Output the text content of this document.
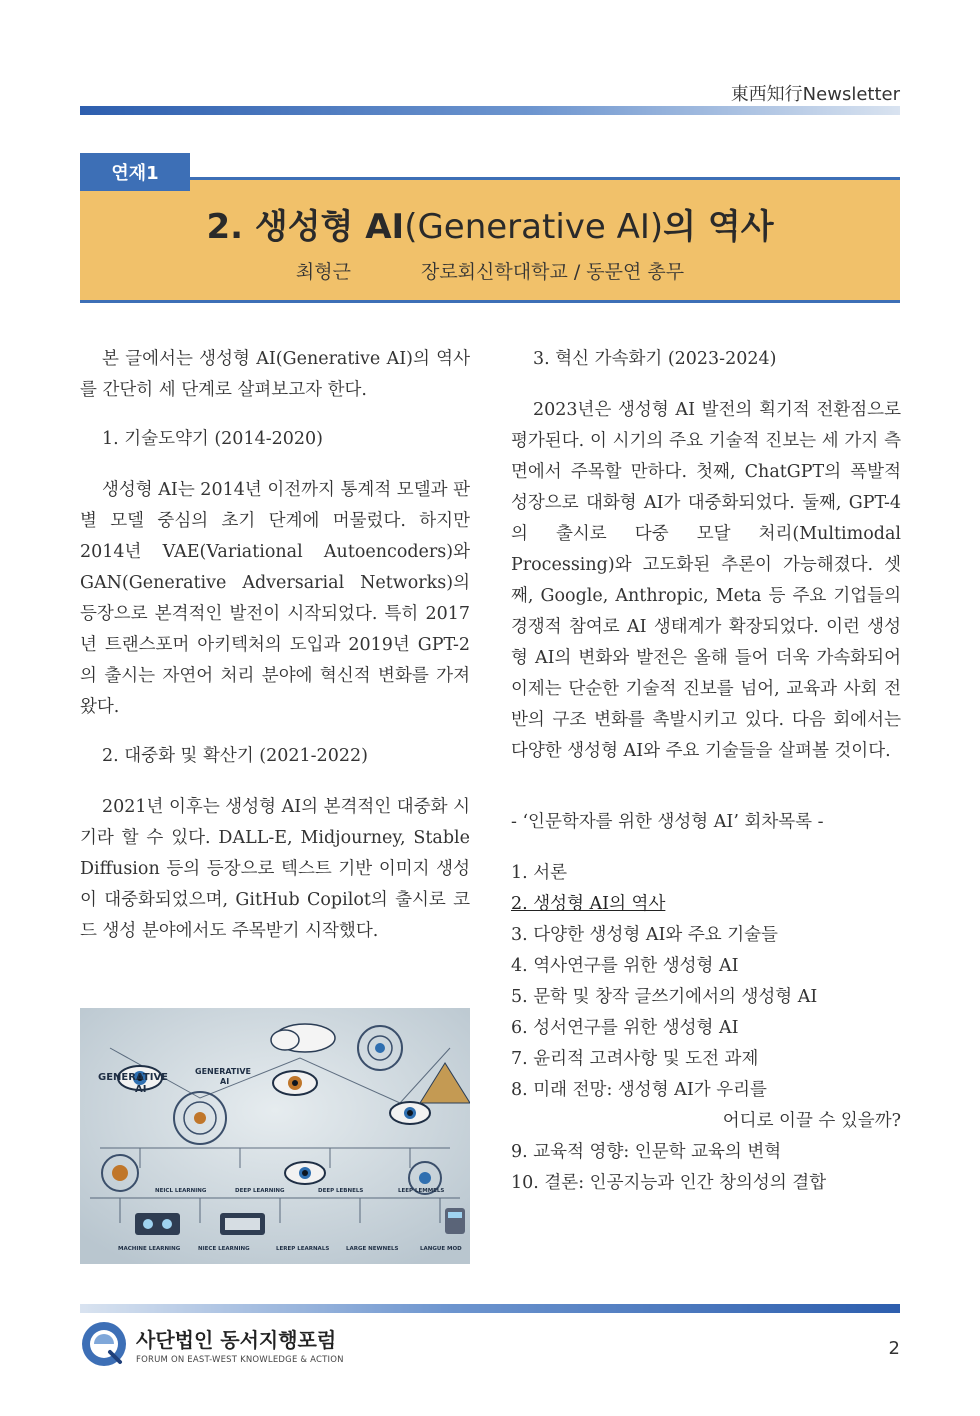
東西知行Newsletter
2. 생성형 AI(Generative AI)의 역사
최형근	장로회신학대학교 / 동문연 총무
연재1

본 글에서는 생성형 AI(Generative AI)의 역사를 간단히 세 단계로 살펴보고자 한다.

1. 기술도약기 (2014-2020)

생성형 AI는 2014년 이전까지 통계적 모델과 판별 모델 중심의 초기 단계에 머물렀다. 하지만 2014년 VAE(Variational Autoencoders)와 GAN(Generative Adversarial Networks)의 등장으로 본격적인 발전이 시작되었다. 특히 2017년 트랜스포머 아키텍처의 도입과 2019년 GPT-2의 출시는 자연어 처리 분야에 혁신적 변화를 가져왔다.

2. 대중화 및 확산기 (2021-2022)

2021년 이후는 생성형 AI의 본격적인 대중화 시기라 할 수 있다. DALL-E, Midjourney, Stable Diffusion 등의 등장으로 텍스트 기반 이미지 생성이 대중화되었으며, GitHub Copilot의 출시로 코드 생성 분야에서도 주목받기 시작했다.

GENERATIVE
AI
GENERATIVE
AI
NEICL LEARNING	DEEP LEARNING	DEEP LEBNELS	LEEP LEMMELS
MACHINE LEARNING	NIECE LEARNING	LEREP LEARNALS	LARGE NEWNELS	LANGUE MOD
3. 혁신 가속화기 (2023-2024)

2023년은 생성형 AI 발전의 획기적 전환점으로 평가된다. 이 시기의 주요 기술적 진보는 세 가지 측면에서 주목할 만하다. 첫째, ChatGPT의 폭발적 성장으로 대화형 AI가 대중화되었다. 둘째, GPT-4의 출시로 다중 모달 처리(Multimodal Processing)와 고도화된 추론이 가능해졌다. 셋째, Google, Anthropic, Meta 등 주요 기업들의 경쟁적 참여로 AI 생태계가 확장되었다. 이런 생성형 AI의 변화와 발전은 올해 들어 더욱 가속화되어 이제는 단순한 기술적 진보를 넘어, 교육과 사회 전반의 구조 변화를 촉발시키고 있다. 다음 회에서는 다양한 생성형 AI와 주요 기술들을 살펴볼 것이다.

- ‘인문학자를 위한 생성형 AI’ 회차목록 -
1. 서론
2. 생성형 AI의 역사
3. 다양한 생성형 AI와 주요 기술들
4. 역사연구를 위한 생성형 AI
5. 문학 및 창작 글쓰기에서의 생성형 AI
6. 성서연구를 위한 생성형 AI
7. 윤리적 고려사항 및 도전 과제
8. 미래 전망: 생성형 AI가 우리를
어디로 이끌 수 있을까?
9. 교육적 영향: 인문학 교육의 변혁
10. 결론: 인공지능과 인간 창의성의 결합
사단법인 동서지행포럼
FORUM ON EAST-WEST KNOWLEDGE & ACTION
2
